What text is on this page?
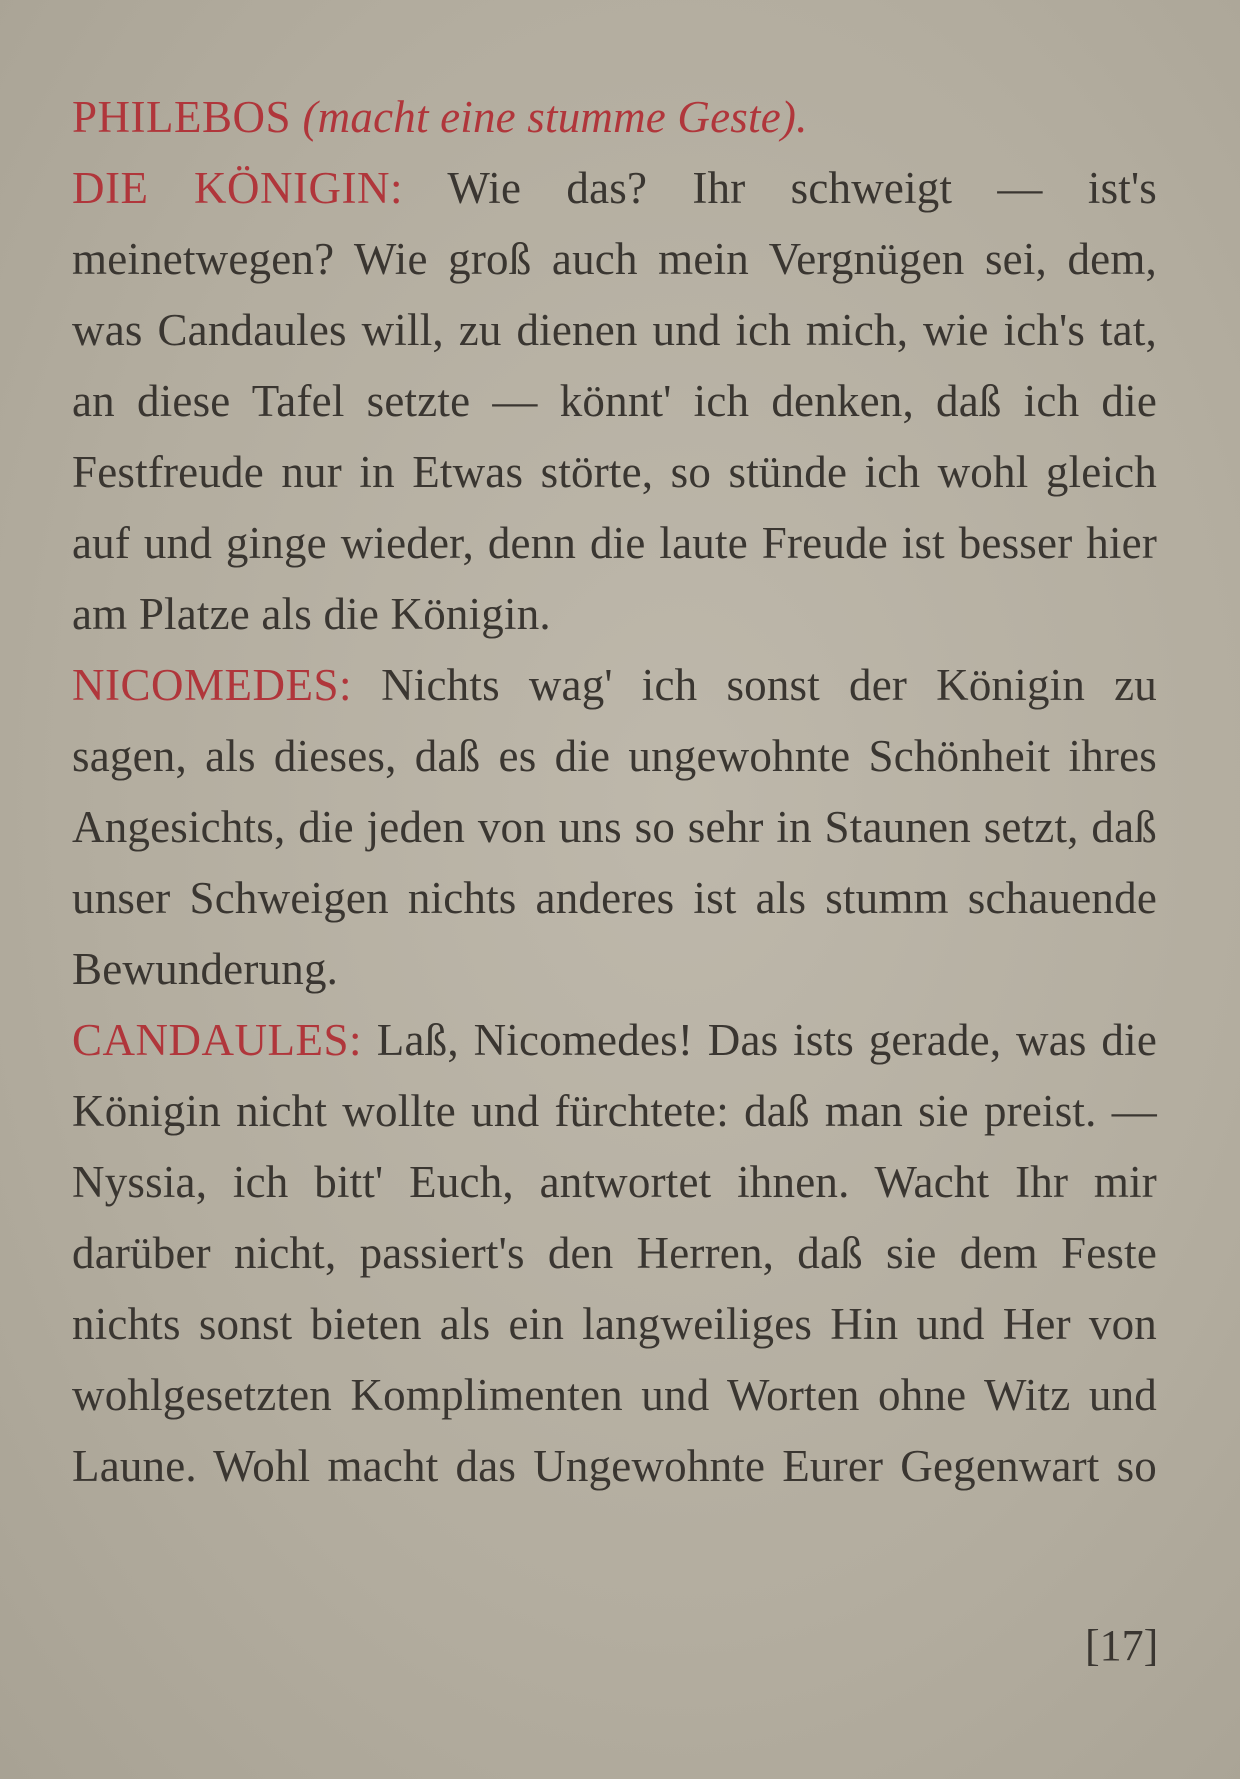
PHILEBOS (macht eine stumme Geste).

DIE KÖNIGIN: Wie das? Ihr schweigt — ist's meinetwegen? Wie groß auch mein Vergnügen sei, dem, was Candaules will, zu dienen und ich mich, wie ich's tat, an diese Tafel setzte — könnt' ich denken, daß ich die Festfreude nur in Etwas störte, so stünde ich wohl gleich auf und ginge wieder, denn die laute Freude ist besser hier am Platze als die Königin.

NICOMEDES: Nichts wag' ich sonst der Königin zu sagen, als dieses, daß es die ungewohnte Schönheit ihres Angesichts, die jeden von uns so sehr in Staunen setzt, daß unser Schweigen nichts anderes ist als stumm schauende Bewunderung.

CANDAULES: Laß, Nicomedes! Das ists gerade, was die Königin nicht wollte und fürchtete: daß man sie preist. — Nyssia, ich bitt' Euch, antwortet ihnen. Wacht Ihr mir darüber nicht, passiert's den Herren, daß sie dem Feste nichts sonst bieten als ein langweiliges Hin und Her von wohlgesetzten Komplimenten und Worten ohne Witz und Laune. Wohl macht das Ungewohnte Eurer Gegenwart so

[17]
